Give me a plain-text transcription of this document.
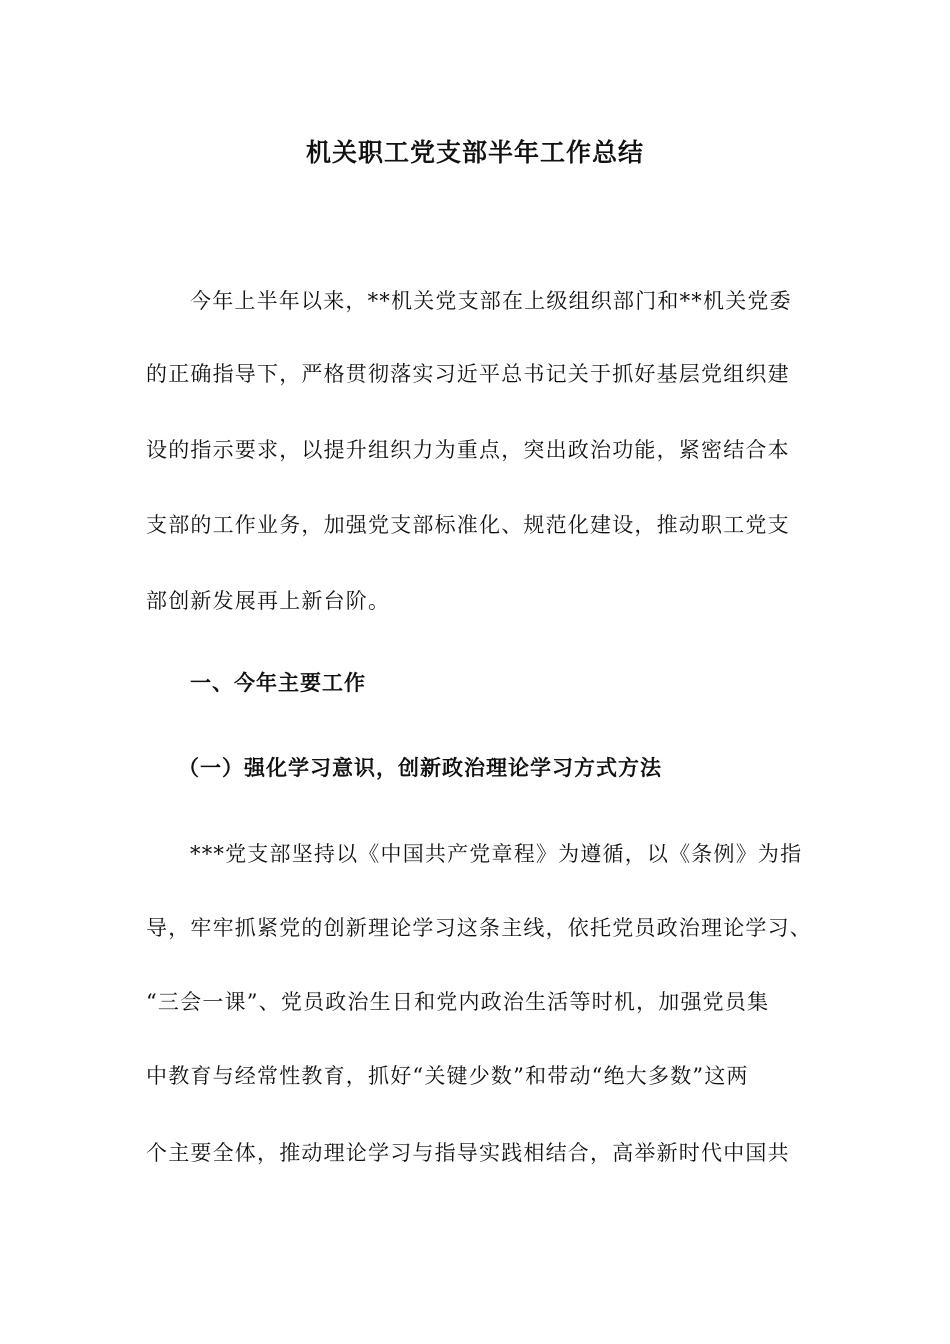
机关职工党支部半年工作总结

今年上半年以来，**机关党支部在上级组织部门和**机关党委

的正确指导下，严格贯彻落实习近平总书记关于抓好基层党组织建

设的指示要求，以提升组织力为重点，突出政治功能，紧密结合本

支部的工作业务，加强党支部标准化、规范化建设，推动职工党支

部创新发展再上新台阶。

一、今年主要工作

（一）强化学习意识，创新政治理论学习方式方法

***党支部坚持以《中国共产党章程》为遵循，以《条例》为指

导，牢牢抓紧党的创新理论学习这条主线，依托党员政治理论学习、

“三会一课”、党员政治生日和党内政治生活等时机，加强党员集

中教育与经常性教育，抓好“关键少数”和带动“绝大多数”这两

个主要全体，推动理论学习与指导实践相结合，高举新时代中国共
